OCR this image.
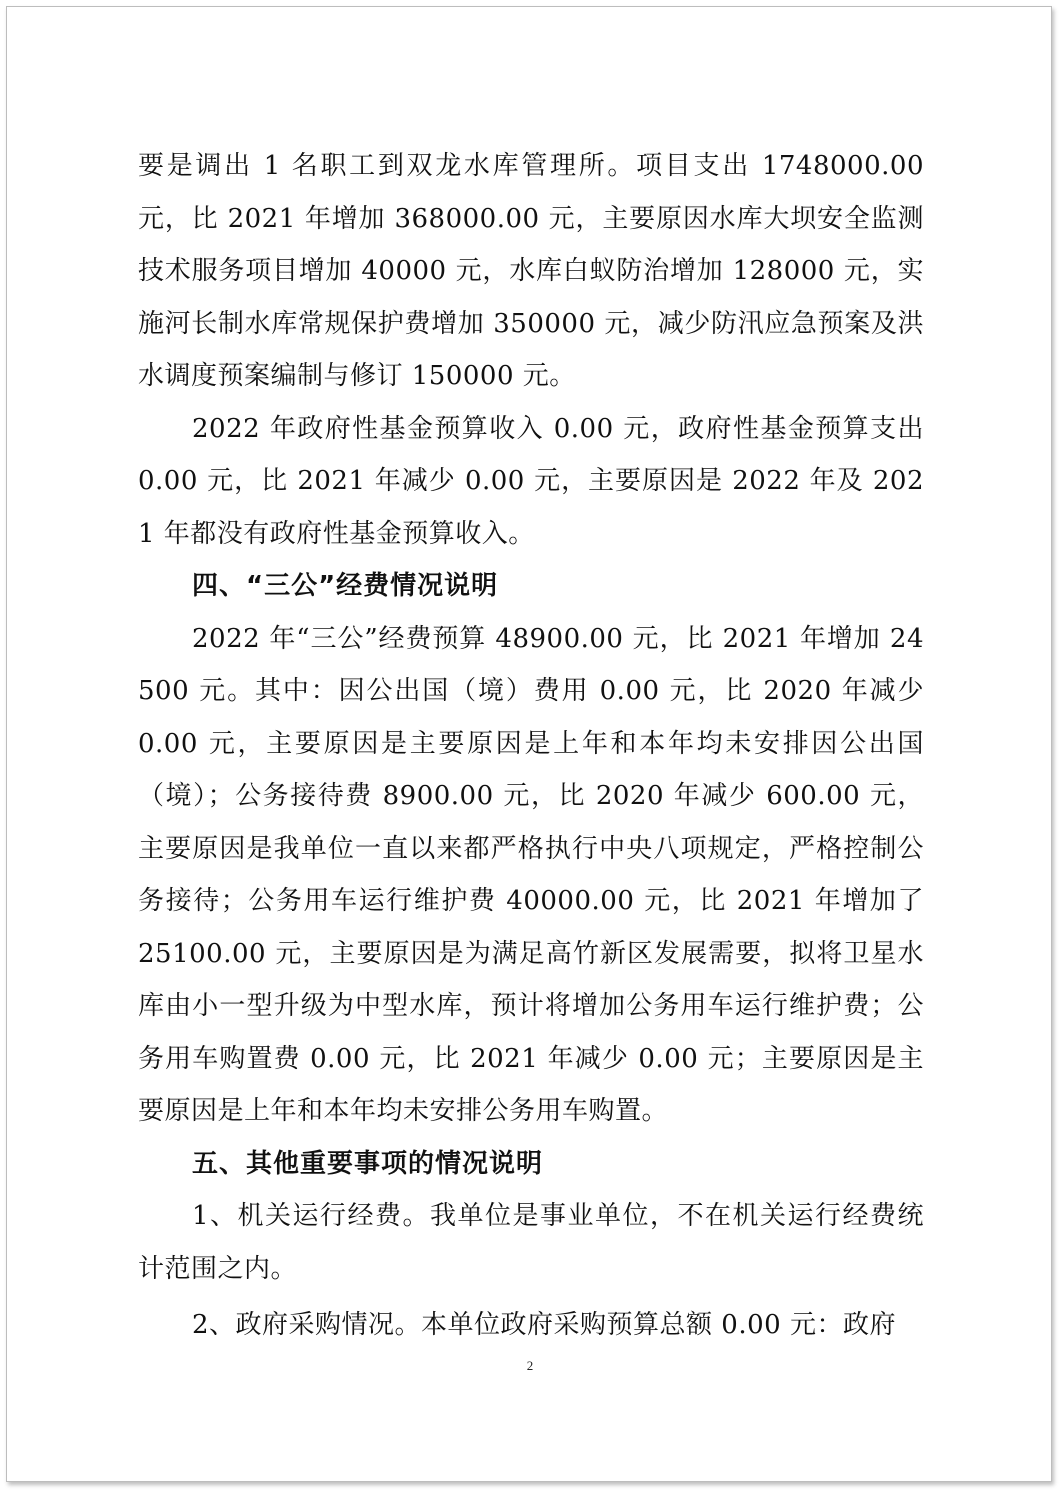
要是调出 1 名职工到双龙水库管理所。项目支出 1748000.00 元，比 2021 年增加 368000.00 元，主要原因水库大坝安全监测技术服务项目增加 40000 元，水库白蚁防治增加 128000 元，实施河长制水库常规保护费增加 350000 元，减少防汛应急预案及洪水调度预案编制与修订 150000 元。

2022 年政府性基金预算收入 0.00 元，政府性基金预算支出 0.00 元，比 2021 年减少 0.00 元，主要原因是 2022 年及 2021 年都没有政府性基金预算收入。

四、“三公”经费情况说明

2022 年“三公”经费预算 48900.00 元，比 2021 年增加 24500 元。其中：因公出国（境）费用 0.00 元，比 2020 年减少 0.00 元，主要原因是主要原因是上年和本年均未安排因公出国（境）；公务接待费 8900.00 元，比 2020 年减少 600.00 元，主要原因是我单位一直以来都严格执行中央八项规定，严格控制公务接待；公务用车运行维护费 40000.00 元，比 2021 年增加了 25100.00 元，主要原因是为满足高竹新区发展需要，拟将卫星水库由小一型升级为中型水库，预计将增加公务用车运行维护费；公务用车购置费 0.00 元，比 2021 年减少 0.00 元；主要原因是主要原因是上年和本年均未安排公务用车购置。

五、其他重要事项的情况说明

1、机关运行经费。我单位是事业单位，不在机关运行经费统计范围之内。

2、政府采购情况。本单位政府采购预算总额 0.00 元：政府

2
